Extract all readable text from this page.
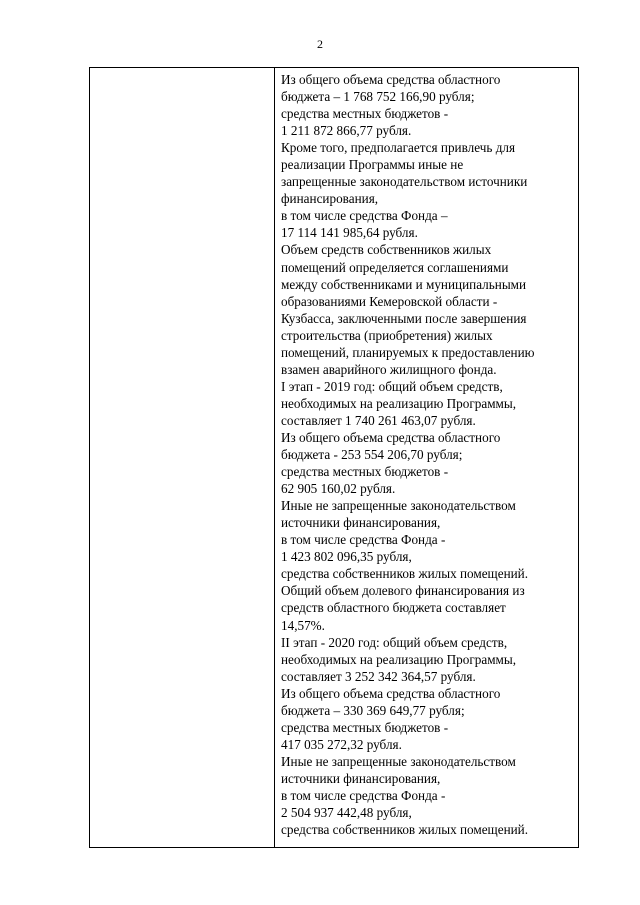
2
Из общего объема средства областного
бюджета – 1 768 752 166,90 рубля;
средства местных бюджетов -
1 211 872 866,77 рубля.
Кроме того, предполагается привлечь для
реализации Программы иные не
запрещенные законодательством источники
финансирования,
в том числе средства Фонда –
17 114 141 985,64 рубля.
Объем средств собственников жилых
помещений определяется соглашениями
между собственниками и муниципальными
образованиями Кемеровской области -
Кузбасса, заключенными после завершения
строительства (приобретения) жилых
помещений, планируемых к предоставлению
взамен аварийного жилищного фонда.
I этап - 2019 год: общий объем средств,
необходимых на реализацию Программы,
составляет 1 740 261 463,07 рубля.
Из общего объема средства областного
бюджета - 253 554 206,70 рубля;
средства местных бюджетов -
62 905 160,02 рубля.
Иные не запрещенные законодательством
источники финансирования,
в том числе средства Фонда -
1 423 802 096,35 рубля,
средства собственников жилых помещений.
Общий объем долевого финансирования из
средств областного бюджета составляет
14,57%.
II этап - 2020 год: общий объем средств,
необходимых на реализацию Программы,
составляет 3 252 342 364,57 рубля.
Из общего объема средства областного
бюджета – 330 369 649,77 рубля;
средства местных бюджетов -
417 035 272,32 рубля.
Иные не запрещенные законодательством
источники финансирования,
в том числе средства Фонда -
2 504 937 442,48 рубля,
средства собственников жилых помещений.
